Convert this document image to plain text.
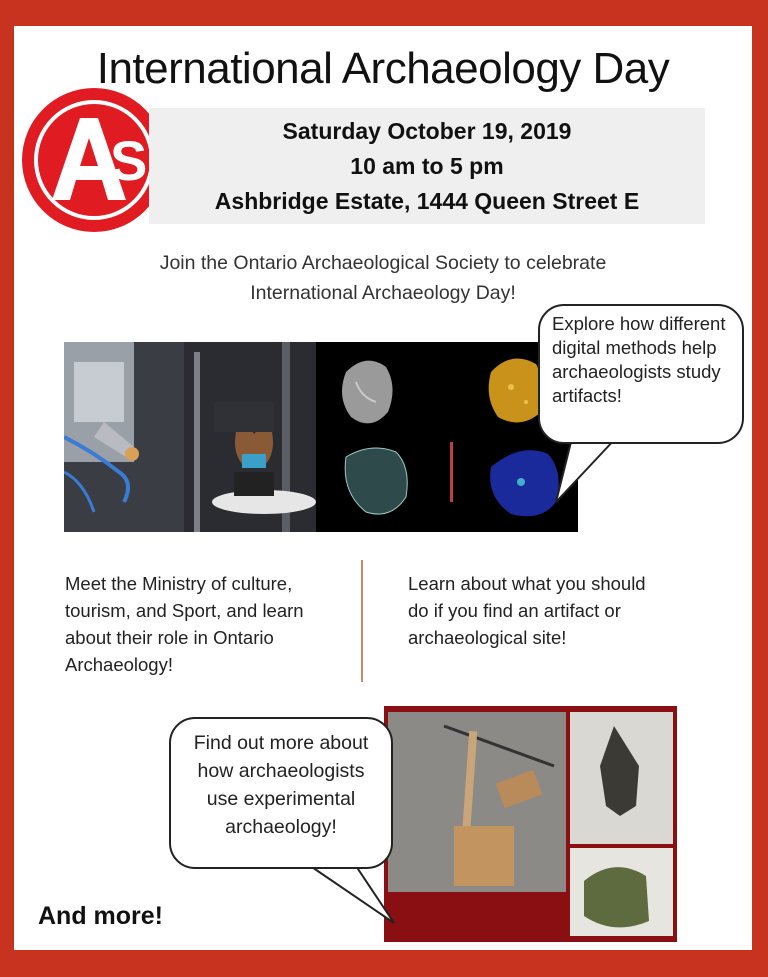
International Archaeology Day
S	Saturday October 19, 2019
10 am to 5 pm
Ashbridge Estate, 1444 Queen Street E
Join the Ontario Archaeological Society to celebrate
International Archaeology Day!
Explore how different
digital methods help
archaeologists study
artifacts!
Meet the Ministry of culture,
tourism, and Sport, and learn
about their role in Ontario
Archaeology!
Learn about what you should
do if you find an artifact or
archaeological site!
Find out more about
how archaeologists
use experimental
archaeology!
And more!
